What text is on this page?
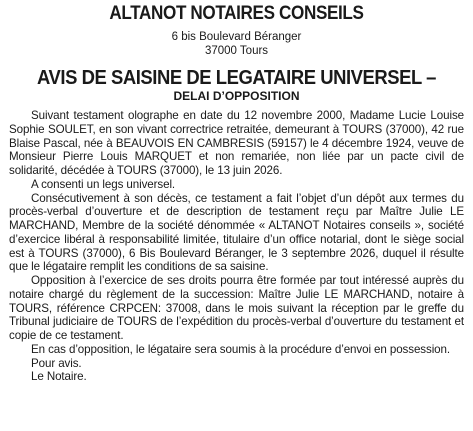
ALTANOT NOTAIRES CONSEILS
6 bis Boulevard Béranger
37000 Tours
AVIS DE SAISINE DE LEGATAIRE UNIVERSEL –
DELAI D’OPPOSITION

Suivant testament olographe en date du 12 novembre 2000, Madame Lucie Louise Sophie SOULET, en son vivant correctrice retraitée, demeurant à TOURS (37000), 42 rue Blaise Pascal, née à BEAUVOIS EN CAMBRESIS (59157) le 4 décembre 1924, veuve de Monsieur Pierre Louis MARQUET et non remariée, non liée par un pacte civil de solidarité, décédée à TOURS (37000), le 13 juin 2026.

A consenti un legs universel.

Consécutivement à son décès, ce testament a fait l’objet d’un dépôt aux termes du procès-verbal d’ouverture et de description de testament reçu par Maître Julie LE MARCHAND, Membre de la société dénommée « ALTANOT Notaires conseils », société d’exercice libéral à responsabilité limitée, titulaire d’un office notarial, dont le siège social est à TOURS (37000), 6 Bis Boulevard Béranger, le 3 septembre 2026, duquel il résulte que le légataire remplit les conditions de sa saisine.

Opposition à l’exercice de ses droits pourra être formée par tout intéressé auprès du notaire chargé du règlement de la succession: Maître Julie LE MARCHAND, notaire à TOURS, référence CRPCEN: 37008, dans le mois suivant la réception par le greffe du Tribunal judiciaire de TOURS de l’expédition du procès-verbal d’ouverture du testament et copie de ce testament.

En cas d’opposition, le légataire sera soumis à la procédure d’envoi en possession.

Pour avis.

Le Notaire.
